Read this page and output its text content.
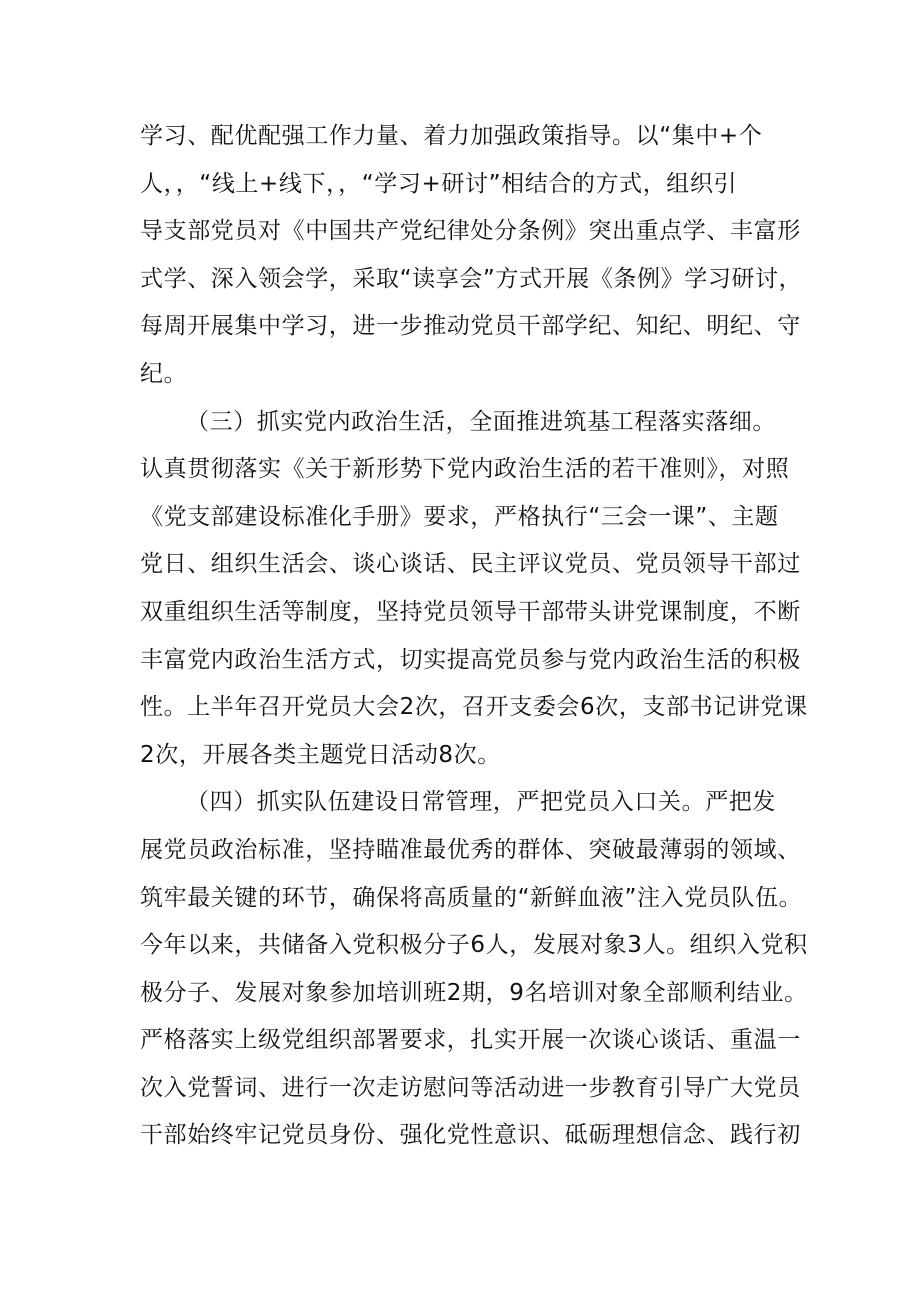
学习、配优配强工作力量、着力加强政策指导。以“集中+个
人，，“线上+线下，，“学习+研讨”相结合的方式，组织引
导支部党员对《中国共产党纪律处分条例》突出重点学、丰富形
式学、深入领会学，采取“读享会”方式开展《条例》学习研讨，
每周开展集中学习，进一步推动党员干部学纪、知纪、明纪、守
纪。
（三）抓实党内政治生活，全面推进筑基工程落实落细。
认真贯彻落实《关于新形势下党内政治生活的若干准则》，对照
《党支部建设标准化手册》要求，严格执行“三会一课”、主题
党日、组织生活会、谈心谈话、民主评议党员、党员领导干部过
双重组织生活等制度，坚持党员领导干部带头讲党课制度，不断
丰富党内政治生活方式，切实提高党员参与党内政治生活的积极
性。上半年召开党员大会2次，召开支委会6次，支部书记讲党课
2次，开展各类主题党日活动8次。
（四）抓实队伍建设日常管理，严把党员入口关。严把发
展党员政治标准，坚持瞄准最优秀的群体、突破最薄弱的领域、
筑牢最关键的环节，确保将高质量的“新鲜血液”注入党员队伍。
今年以来，共储备入党积极分子6人，发展对象3人。组织入党积
极分子、发展对象参加培训班2期，9名培训对象全部顺利结业。
严格落实上级党组织部署要求，扎实开展一次谈心谈话、重温一
次入党誓词、进行一次走访慰问等活动进一步教育引导广大党员
干部始终牢记党员身份、强化党性意识、砥砺理想信念、践行初
